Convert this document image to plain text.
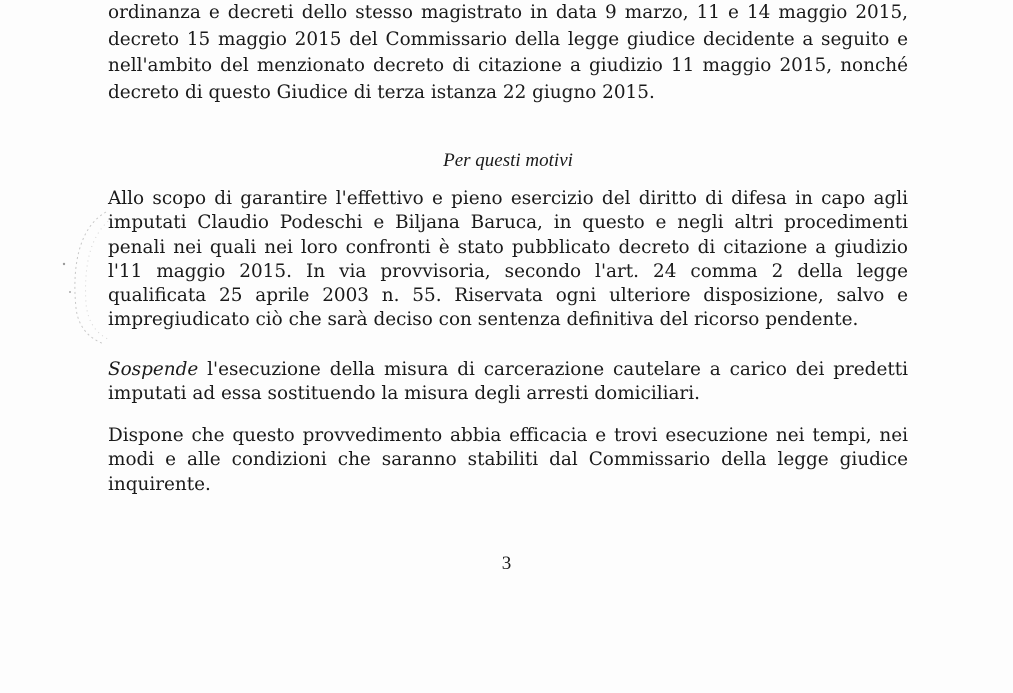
ordinanza e decreti dello stesso magistrato in data 9 marzo, 11 e 14 maggio 2015, decreto 15 maggio 2015 del Commissario della legge giudice decidente a seguito e nell'ambito del menzionato decreto di citazione a giudizio 11 maggio 2015, nonché decreto di questo Giudice di terza istanza 22 giugno 2015.

Per questi motivi

Allo scopo di garantire l'effettivo e pieno esercizio del diritto di difesa in capo agli imputati Claudio Podeschi e Biljana Baruca, in questo e negli altri procedimenti penali nei quali nei loro confronti è stato pubblicato decreto di citazione a giudizio l'11 maggio 2015. In via provvisoria, secondo l'art. 24 comma 2 della legge qualificata 25 aprile 2003 n. 55. Riservata ogni ulteriore disposizione, salvo e impregiudicato ciò che sarà deciso con sentenza definitiva del ricorso pendente.

Sospende l'esecuzione della misura di carcerazione cautelare a carico dei predetti imputati ad essa sostituendo la misura degli arresti domiciliari.

Dispone che questo provvedimento abbia efficacia e trovi esecuzione nei tempi, nei modi e alle condizioni che saranno stabiliti dal Commissario della legge giudice inquirente.

3
